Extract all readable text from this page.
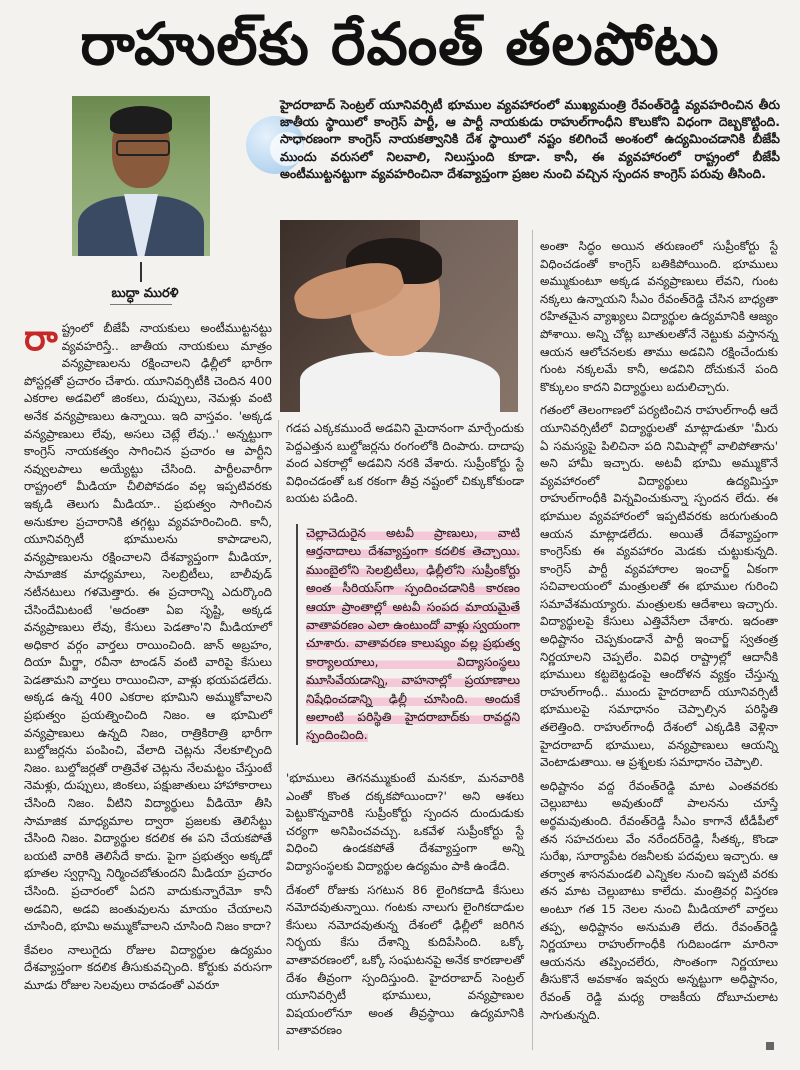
రాహుల్‌కు రేవంత్ తలపోటు
బుద్ధా మురళి
హైదరాబాద్ సెంట్రల్ యూనివర్సిటీ భూముల వ్యవహారంలో ముఖ్యమంత్రి రేవంత్‌రెడ్డి వ్యవహరించిన తీరు జాతీయ స్థాయిలో కాంగ్రెస్ పార్టీ, ఆ పార్టీ నాయకుడు రాహుల్‌గాంధీని కొలుకోని విధంగా దెబ్బకొట్టింది. సాధారణంగా కాంగ్రెస్ నాయకత్వానికి దేశ స్థాయిలో నష్టం కలిగించే అంశంలో ఉద్యమించడానికి బీజేపీ ముందు వరుసలో నిలవాలి, నిలుస్తుంది కూడా. కానీ, ఈ వ్యవహారంలో రాష్ట్రంలో బీజేపీ అంటీముట్టనట్టుగా వ్యవహరించినా దేశవ్యాప్తంగా ప్రజల నుంచి వచ్చిన స్పందన కాంగ్రెస్ పరువు తీసింది.

రాష్ట్రంలో బీజేపీ నాయకులు అంటీముట్టనట్టు వ్యవహరిస్తే.. జాతీయ నాయకులు మాత్రం వన్యప్రాణులను రక్షించాలని ఢిల్లీలో భారీగా పోస్టర్లతో ప్రచారం చేశారు. యూనివర్సిటీకి చెందిన 400 ఎకరాల అడవిలో జింకలు, దుప్పులు, నెమళ్లు వంటి అనేక వన్యప్రాణులు ఉన్నాయి. ఇది వాస్తవం. 'అక్కడ వన్యప్రాణులు లేవు, అసలు చెట్లే లేవు..' అన్నట్టుగా కాంగ్రెస్ నాయకత్వం సాగించిన ప్రచారం ఆ పార్టీని నవ్వులపాలు అయ్యేట్టు చేసింది. పార్టీలవారీగా రాష్ట్రంలో మీడియా చీలిపోవడం వల్ల ఇప్పటివరకు ఇక్కడి తెలుగు మీడియా.. ప్రభుత్వం సాగించిన అనుకూల ప్రచారానికి తగ్గట్టు వ్యవహరించింది. కానీ, యూనివర్సిటీ భూములను కాపాడాలని, వన్యప్రాణులను రక్షించాలని దేశవ్యాప్తంగా మీడియా, సామాజిక మాధ్యమాలు, సెలబ్రిటీలు, బాలీవుడ్ నటీనటులు గళమెత్తారు. ఈ ప్రచారాన్ని ఎదుర్కొంది చేసిందేమిటంటే 'అదంతా ఏఐ సృష్టి, అక్కడ వన్యప్రాణులు లేవు, కేసులు పెడతాం'ని మీడియాలో అధికార వర్గం వార్తలు రాయించింది. జాన్ అబ్రహం, దియా మీర్జా, రవీనా టాండన్ వంటి వారిపై కేసులు పెడతామని వార్తలు రాయించినా, వాళ్లు భయపడలేదు. అక్కడ ఉన్న 400 ఎకరాల భూమిని అమ్ముకోవాలని ప్రభుత్వం ప్రయత్నించింది నిజం. ఆ భూమిలో వన్యప్రాణులు ఉన్నది నిజం, రాత్రికిరాత్రి భారీగా బుల్డోజర్లను పంపించి, వేలాది చెట్లను నేలకూల్చింది నిజం. బుల్డోజర్లతో రాత్రివేళ చెట్లను నేలమట్టం చేస్తుంటే నెమళ్లు, దుప్పులు, జింకలు, పక్షుజాతులు హాహాకారాలు చేసింది నిజం. వీటిని విద్యార్థులు వీడియో తీసి సామాజిక మాధ్యమాల ద్వారా ప్రజలకు తెలిసేట్టు చేసింది నిజం. విద్యార్థుల కదలిక ఈ పని చేయకపోతే బయటి వారికి తెలిసేదే కాదు. పైగా ప్రభుత్వం అక్కడో భూతల స్వర్గాన్ని నిర్మించబోతుందని మీడియా ప్రచారం చేసింది. ప్రచారంలో ఏదని వాదుకున్నారేమో కానీ అడవిని, అడవి జంతువులను మాయం చేయాలని చూసింది, భూమి అమ్ముకోవాలని చూసింది నిజం కాదా?

కేవలం నాలుగైదు రోజుల విద్యార్థుల ఉద్యమం దేశవ్యాప్తంగా కదలిక తీసుకువచ్చింది. కోర్టుకు వరుసగా మూడు రోజుల సెలవులు రావడంతో ఎవరూ

గడప ఎక్కకముందే అడవిని మైదానంగా మార్చేందుకు పెద్దఎత్తున బుల్డోజర్లను రంగంలోకి దింపారు. దాదాపు వంద ఎకరాల్లో అడవిని నరకి వేశారు. సుప్రీంకోర్టు స్టే విధించడంతో ఒక రకంగా తీవ్ర నష్టంలో చిక్కుకోకుండా బయట పడింది.

చెల్లాచెదురైన అటవీ ప్రాణులు, వాటి ఆర్తనాదాలు దేశవ్యాప్తంగా కదలిక తెచ్చాయి. ముంబైలోని సెలబ్రిటీలు, ఢిల్లీలోని సుప్రీంకోర్టు అంత సీరియస్‌గా స్పందించడానికి కారణం ఆయా ప్రాంతాల్లో అటవీ సంపద మాయమైతే వాతావరణం ఎలా ఉంటుందో వాళ్లు స్వయంగా చూశారు. వాతావరణ కాలుష్యం వల్ల ప్రభుత్వ కార్యాలయాలు, విద్యాసంస్థలు మూసివేయడాన్ని, వాహనాల్లో ప్రయాణాలు నిషేధించడాన్ని ఢిల్లీ చూసింది. అందుకే అలాంటి పరిస్థితి హైదరాబాద్‌కు రావద్దని స్పందించింది.

'భూములు తెగనమ్ముకుంటే మనకూ, మనవారికి ఎంతో కొంత దక్కకపోయిందా?' అని ఆశలు పెట్టుకొన్నవారికి సుప్రీంకోర్టు స్పందన దుందుడుకు చర్యగా అనిపించవచ్చు. ఒకవేళ సుప్రీంకోర్టు స్టే విధించి ఉండకపోతే దేశవ్యాప్తంగా అన్ని విద్యాసంస్థలకు విద్యార్థుల ఉద్యమం పాకి ఉండేది.

దేశంలో రోజుకు సగటున 86 లైంగికదాడి కేసులు నమోదవుతున్నాయి. గంటకు నాలుగు లైంగికదాడుల కేసులు నమోదవుతున్న దేశంలో ఢిల్లీలో జరిగిన నిర్భయ కేసు దేశాన్ని కుదిపేసింది. ఒక్కో వాతావరణంలో, ఒక్కో సంఘటనపై అనేక కారణాలతో దేశం తీవ్రంగా స్పందిస్తుంది. హైదరాబాద్ సెంట్రల్ యూనివర్సిటీ భూములు, వన్యప్రాణుల విషయంలోనూ అంత తీవ్రస్థాయి ఉద్యమానికి వాతావరణం

అంతా సిద్ధం అయిన తరుణంలో సుప్రీంకోర్టు స్టే విధించడంతో కాంగ్రెస్ బతికిపోయింది. భూములు అమ్ముకుంటూ అక్కడ వన్యప్రాణులు లేవని, గుంట నక్కలు ఉన్నాయని సీఎం రేవంత్‌రెడ్డి చేసిన బాధ్యతా రహితమైన వ్యాఖ్యలు విద్యార్థుల ఉద్యమానికి ఆజ్యం పోశాయి. అన్ని చోట్ల బూతులతోనే నెట్టుకు వస్తానన్న ఆయన ఆలోచనలకు తాము అడవిని రక్షించేందుకు గుంట నక్కలమే కానీ, అడవిని దోచుకునే పంది కొక్కులం కాదని విద్యార్థులు బదులిచ్చారు.

గతంలో తెలంగాణలో పర్యటించిన రాహుల్‌గాంధీ ఆదే యూనివర్సిటీలో విద్యార్థులతో మాట్లాడుతూ 'మీరు ఏ సమస్యపై పిలిచినా పది నిమిషాల్లో వాలిపోతాను' అని హామీ ఇచ్చారు. అటవీ భూమి అమ్ముకొనే వ్యవహారంలో విద్యార్థులు ఉద్యమిస్తూ రాహుల్‌గాంధీకి విన్నవించుకున్నా స్పందన లేదు. ఈ భూముల వ్యవహారంలో ఇప్పటివరకు జరుగుతుంది ఆయన మాట్లాడలేదు. అయితే దేశవ్యాప్తంగా కాంగ్రెస్‌కు ఈ వ్యవహారం మెడకు చుట్టుకున్నది. కాంగ్రెస్ పార్టీ వ్యవహారాల ఇంచార్జ్ ఏకంగా సచివాలయంలో మంత్రులతో ఈ భూముల గురించి సమావేశమయ్యారు. మంత్రులకు ఆదేశాలు ఇచ్చారు. విద్యార్థులపై కేసులు ఎత్తివేసేలా చేశారు. ఇదంతా అధిష్టానం చెప్పకుండానే పార్టీ ఇంచార్జ్ స్వతంత్ర నిర్ణయాలని చెప్పలేం. వివిధ రాష్ట్రాల్లో ఆదానీకి భూములు కట్టబెట్టడంపై ఆందోళన వ్యక్తం చేస్తున్న రాహుల్‌గాంధీ.. ముందు హైదరాబాద్ యూనివర్సిటీ భూములపై సమాధానం చెప్పాల్సిన పరిస్థితి తలెత్తింది. రాహుల్‌గాంధీ దేశంలో ఎక్కడికి వెళ్లినా హైదరాబాద్ భూములు, వన్యప్రాణులు ఆయన్ని వెంటాడుతాయి. ఆ ప్రశ్నలకు సమాధానం చెప్పాలి.

అధిష్టానం వద్ద రేవంత్‌రెడ్డి మాట ఎంతవరకు చెల్లుబాటు అవుతుందో పాలనను చూస్తే అర్థమవుతుంది. రేవంత్‌రెడ్డి సీఎం కాగానే టీడీపీలో తన సహచరులు వేం నరేందర్‌రెడ్డి, సీతక్క, కొండా సురేఖ, సూర్యాపేట రజనీలకు పదవులు ఇచ్చారు. ఆ తర్వాత శాసనమండలి ఎన్నికల నుంచి ఇప్పటి వరకు తన మాట చెల్లుబాటు కాలేదు. మంత్రివర్గ విస్తరణ అంటూ గత 15 నెలల నుంచి మీడియాలో వార్తలు తప్ప, అధిష్టానం అనుమతి లేదు. రేవంత్‌రెడ్డి నిర్ణయాలు రాహుల్‌గాంధీకి గుదిబండగా మారినా ఆయనను తప్పించలేరు, సొంతంగా నిర్ణయాలు తీసుకొనే అవకాశం ఇవ్వరు అన్నట్టుగా అధిష్టానం, రేవంత్ రెడ్డి మధ్య రాజకీయ దోబూచులాట సాగుతున్నది.
